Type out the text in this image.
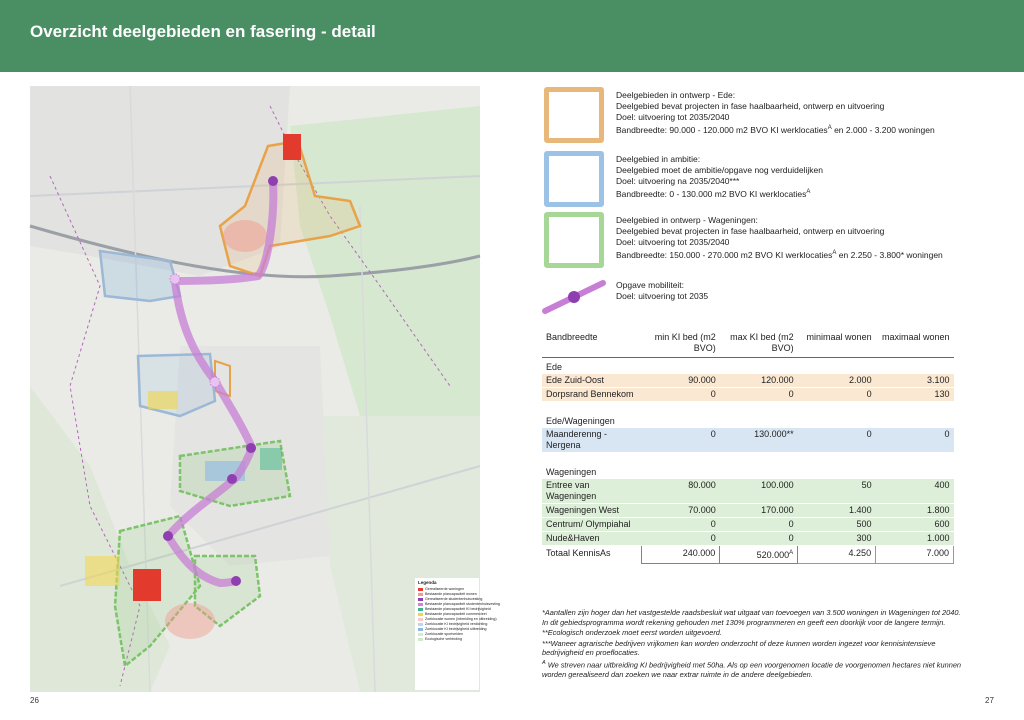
Overzicht deelgebieden en fasering - detail
Legenda
Gerealiseerde woningen
Bestaande plancapaciteit wonen
Gerealiseerde studentenhuisvesting
Bestaande plancapaciteit studentenhuisvesting
Bestaande plancapaciteit KI bedrijvigheid
Bestaande plancapaciteit commercieel
Zoeklocatie wonen (inbreiding en uitbreiding)
Zoeklocatie KI bedrijvigheid verdichting
Zoeklocatie KI bedrijvigheid uitbreiding
Zoeklocatie sportvelden
Ecologische verbinding
26	27
Deelgebieden in ontwerp - Ede:
Deelgebied bevat projecten in fase haalbaarheid, ontwerp en uitvoering
Doel: uitvoering tot 2035/2040
Bandbreedte: 90.000 - 120.000 m2 BVO KI werklocaties$^A$ en 2.000 - 3.200 woningen
Deelgebied in ambitie:
Deelgebied moet de ambitie/opgave nog verduidelijken
Doel: uitvoering na 2035/2040***
Bandbreedte: 0 - 130.000 m2 BVO KI werklocaties$^A$
Deelgebied in ontwerp - Wageningen:
Deelgebied bevat projecten in fase haalbaarheid, ontwerp en uitvoering
Doel: uitvoering tot 2035/2040
Bandbreedte: 150.000 - 270.000 m2 BVO KI werklocaties$^A$ en 2.250 - 3.800* woningen
Opgave mobiliteit:
Doel: uitvoering tot 2035
Bandbreedte	min KI bed (m2 BVO)	max KI bed (m2 BVO)	minimaal wonen	maximaal wonen
Ede				
Ede Zuid-Oost	90.000	120.000	2.000	3.100
Dorpsrand Bennekom	0	0	0	130

Ede/Wageningen				
Maanderenng - Nergena	0	130.000**	0	0

Wageningen				
Entree van Wageningen	80.000	100.000	50	400
Wageningen West	70.000	170.000	1.400	1.800
Centrum/ Olympiahal	0	0	500	600
Nude&Haven	0	0	300	1.000
Totaal KennisAs	240.000	$520.000^A$	4.250	7.000

*Aantallen zijn hoger dan het vastgestelde raadsbesluit wat uitgaat van toevoegen van 3.500 woningen in Wageningen tot 2040. In dit gebiedsprogramma wordt rekening gehouden met 130% programmeren en geeft een doorkijk voor de langere termijn.

**Ecologisch onderzoek moet eerst worden uitgevoerd.

***Waneer agrarische bedrijven vrijkomen kan worden onderzocht of deze kunnen worden ingezet voor kennisintensieve bedrijvigheid en proeflocaties.

$^A$ We streven naar uitbreiding KI bedrijvigheid met 50ha. Als op een voorgenomen locatie de voorgenomen hectares niet kunnen worden gerealiseerd dan zoeken we naar extrar ruimte in de andere deelgebieden.
